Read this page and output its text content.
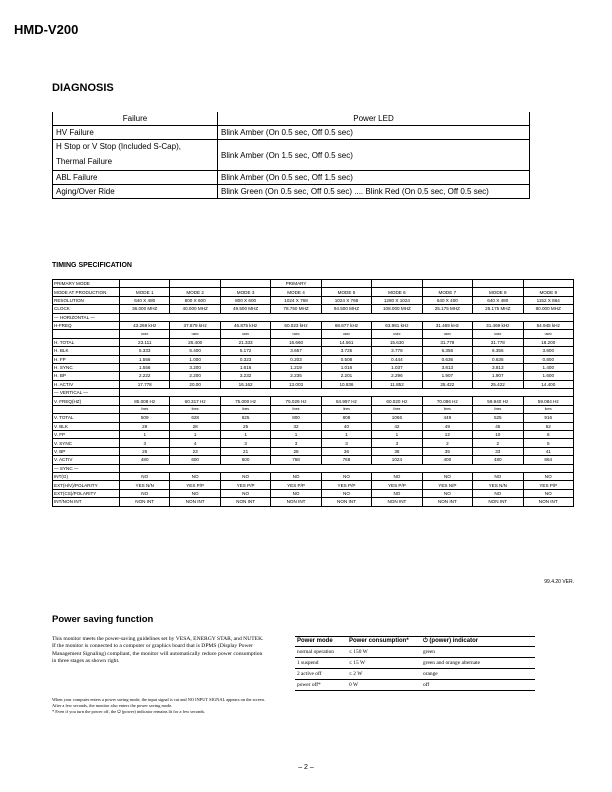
HMD-V200
DIAGNOSIS
Failure	Power LED
HV Failure	Blink Amber (On 0.5 sec, Off 0.5 sec)

H Stop or V Stop (Included S-Cap),
Thermal Failure	Blink Amber (On 1.5 sec, Off 0.5 sec)
ABL Failure	Blink Amber (On 0.5 sec, Off 1.5 sec)
Aging/Over Ride	Blink Green (On 0.5 sec, Off 0.5 sec) .... Blink Red (On 0.5 sec, Off 0.5 sec)
TIMING SPECIFICATION
PRIMARY MODE				PRIMARY					
MODE AT PRODUCTION	MODE 1	MODE 2	MODE 3	MODE 4	MODE 5	MODE 6	MODE 7	MODE 8	MODE 9
RESOLUTION	640 X 480	800 X 600	800 X 600	1024 X 768	1024 X 768	1280 X 1024	640 X 400	640 X 480	1152 X 864
CLOCK	36.000 MHZ	40.000 MHZ	49.500 MHZ	78.750 MHZ	94.500 MHZ	108.000 MHZ	25.175 MHZ	25.175 MHZ	80.000 MHZ
— HORIZONTAL —									
H-FREQ	43.269 kHz	37.879 kHz	46.875 kHz	60.023 kHz	68.677 kHz	63.981 kHz	31.469 kHz	31.469 kHz	54.945 kHz
	usec	usec	usec	usec	usec	usec	usec	usec	usec
H. TOTAL	23.111	26.400	21.333	16.660	14.561	15.630	31.778	31.778	18.200
H. BLK	5.333	6.400	5.172	3.657	3.725	3.778	6.356	6.356	3.800
H. FP	1.556	1.000	0.323	0.203	0.508	0.444	0.636	0.636	0.800
H. SYNC	1.556	3.200	1.616	1.219	1.016	1.037	3.813	3.813	1.400
H. BP	2.222	2.200	3.232	2.235	2.201	2.296	1.907	1.907	1.600
H. ACTIV	17.778	20.00	16.162	13.003	10.836	11.852	25.422	25.422	14.400
— VERTICAL —									
V. FREQ(HZ)	85.008 Hz	60.317 Hz	75.000 Hz	75.029 Hz	84.997 Hz	60.020 Hz	70.086 Hz	59.940 Hz	59.084 Hz
	lines	lines	lines	lines	lines	lines	lines	lines	lines
V. TOTAL	509	628	625	800	808	1066	449	525	916
V. BLK	29	28	25	32	40	42	49	45	52
V. FP	1	1	1	1	1	1	12	10	6
V. SYNC	3	4	3	3	3	3	2	2	5
V. BP	25	23	21	28	36	38	35	33	41
V. ACTIV	480	600	600	768	768	1024	400	480	864
— SYNC —									
INT(G)	NO	NO	NO	NO	NO	NO	NO	NO	NO
EXT(H/V)/POLARITY	YES N/N	YES P/P	YES P/P	YES P/P	YES P/P	YES P/P	YES N/P	YES N/N	YES P/P
EXT(CS)/POLARITY	NO	NO	NO	NO	NO	NO	NO	NO	NO
INT/NON INT	NON INT	NON INT	NON INT	NON INT	NON INT	NON INT	NON INT	NON INT	NON INT
99.4.20 VER.
Power saving function
This monitor meets the power-saving guidelines set by VESA, ENERGY STAR, and NUTEK. If the monitor is connected to a computer or graphics board that is DPMS (Display Power Management Signaling) compliant, the monitor will automatically reduce power consumption in three stages as shown right.
When your computer enters a power saving mode, the input signal is cut and NO INPUT SIGNAL appears on the screen. After a few seconds, the monitor also enters the power saving mode.
* Even if you turn the power off, the ⏻ (power) indicator remains lit for a few seconds.
Power mode	Power consumption*	⏻ (power) indicator
normal operation	≤ 150 W	green
1 suspend	≤ 15 W	green and orange alternate
2 active off	≤ 2 W	orange
power off*	0 W	off
– 2 –
